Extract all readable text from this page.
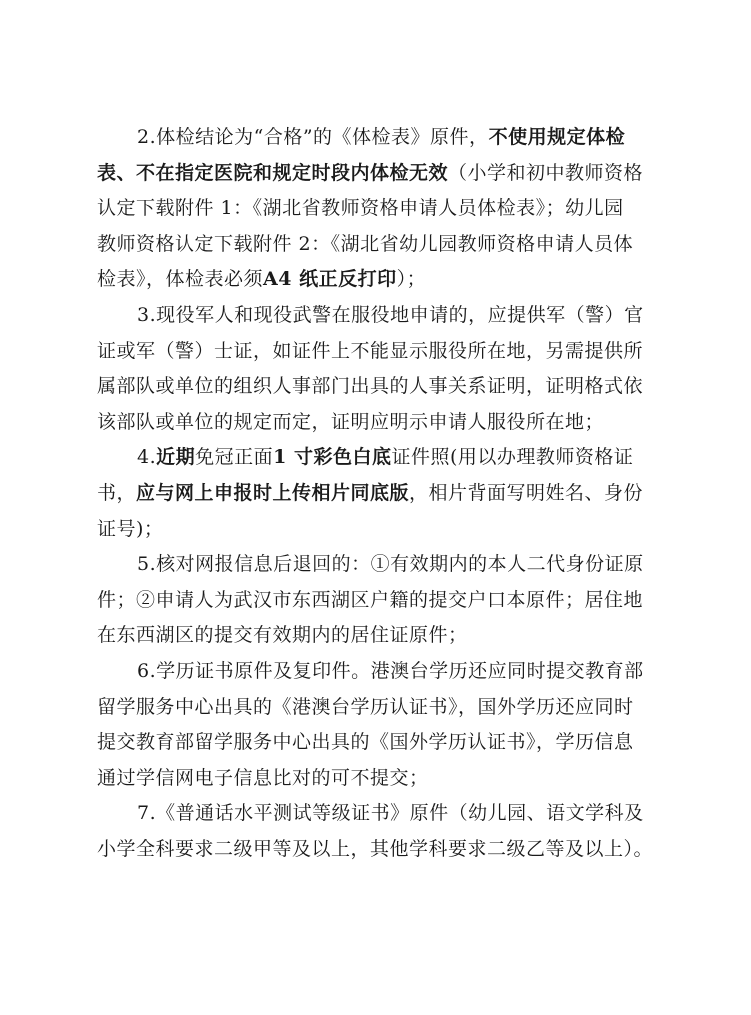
2.体检结论为“合格”的《体检表》原件，不使用规定体检
表、不在指定医院和规定时段内体检无效（小学和初中教师资格
认定下载附件 1：《湖北省教师资格申请人员体检表》；幼儿园
教师资格认定下载附件 2：《湖北省幼儿园教师资格申请人员体
检表》，体检表必须A4 纸正反打印）；
3.现役军人和现役武警在服役地申请的，应提供军（警）官
证或军（警）士证，如证件上不能显示服役所在地，另需提供所
属部队或单位的组织人事部门出具的人事关系证明，证明格式依
该部队或单位的规定而定，证明应明示申请人服役所在地；
4.近期免冠正面1 寸彩色白底证件照(用以办理教师资格证
书，应与网上申报时上传相片同底版，相片背面写明姓名、身份
证号)；
5.核对网报信息后退回的：①有效期内的本人二代身份证原
件；②申请人为武汉市东西湖区户籍的提交户口本原件；居住地
在东西湖区的提交有效期内的居住证原件；
6.学历证书原件及复印件。港澳台学历还应同时提交教育部
留学服务中心出具的《港澳台学历认证书》，国外学历还应同时
提交教育部留学服务中心出具的《国外学历认证书》，学历信息
通过学信网电子信息比对的可不提交；
7.《普通话水平测试等级证书》原件（幼儿园、语文学科及
小学全科要求二级甲等及以上，其他学科要求二级乙等及以上）。
